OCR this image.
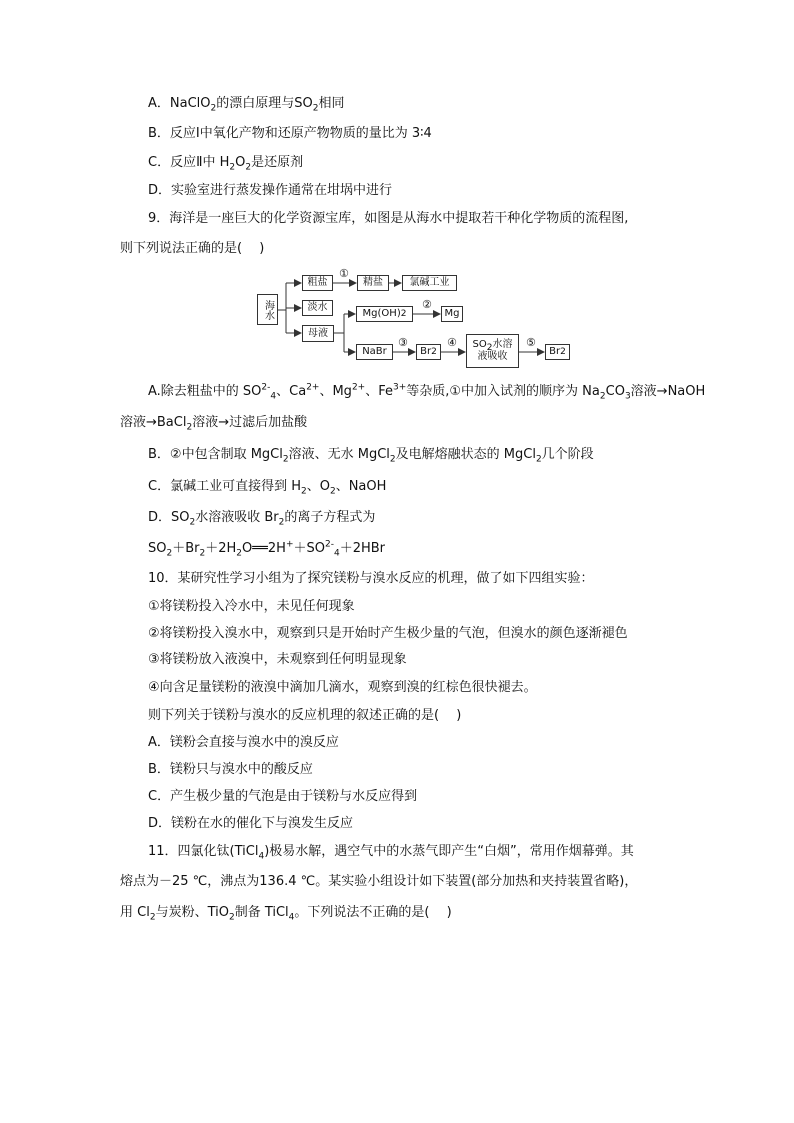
A．NaClO$_2$的漂白原理与$SO_2$相同
B．反应Ⅰ中氧化产物和还原产物物质的量比为 3∶4
C．反应Ⅱ中 $H_2O_2$是还原剂
D．实验室进行蒸发操作通常在坩埚中进行
9．海洋是一座巨大的化学资源宝库，如图是从海水中提取若干种化学物质的流程图,
则下列说法正确的是(　 )
海水
粗盐	精盐	氯碱工业
淡水
母液
Mg(OH) 2	Mg
NaBr	Br 2
$SO_2$水溶
液吸收	Br 2
①
②
③	④	⑤
A.除去粗盐中的 $SO^{2-}_4$、$Ca^{2+}$、$Mg^{2+}$、$Fe^{3+}$等杂质,①中加入试剂的顺序为 $Na_2CO_3$溶液→NaOH
溶液→BaCl$_2$溶液→过滤后加盐酸
B．②中包含制取 MgCl$_2$溶液、无水 MgCl$_2$及电解熔融状态的 MgCl$_2$几个阶段
C．氯碱工业可直接得到 $H_2$、$O_2$、NaOH
D．$SO_2$水溶液吸收 $Br_2$的离子方程式为
$SO_2+Br_2+2H_2O══2H^++SO^{2-}_4+2HBr$
10．某研究性学习小组为了探究镁粉与溴水反应的机理，做了如下四组实验：
①将镁粉投入冷水中，未见任何现象
②将镁粉投入溴水中，观察到只是开始时产生极少量的气泡，但溴水的颜色逐渐褪色
③将镁粉放入液溴中，未观察到任何明显现象
④向含足量镁粉的液溴中滴加几滴水，观察到溴的红棕色很快褪去。
则下列关于镁粉与溴水的反应机理的叙述正确的是(　 )
A．镁粉会直接与溴水中的溴反应
B．镁粉只与溴水中的酸反应
C．产生极少量的气泡是由于镁粉与水反应得到
D．镁粉在水的催化下与溴发生反应
11．四氯化钛(TiCl$_4$)极易水解，遇空气中的水蒸气即产生“白烟”，常用作烟幕弹。其
熔点为－25 ℃，沸点为136.4 ℃。某实验小组设计如下装置(部分加热和夹持装置省略)，
用 $Cl_2$与炭粉、TiO$_2$制备 TiCl$_4$。下列说法不正确的是(　 )
